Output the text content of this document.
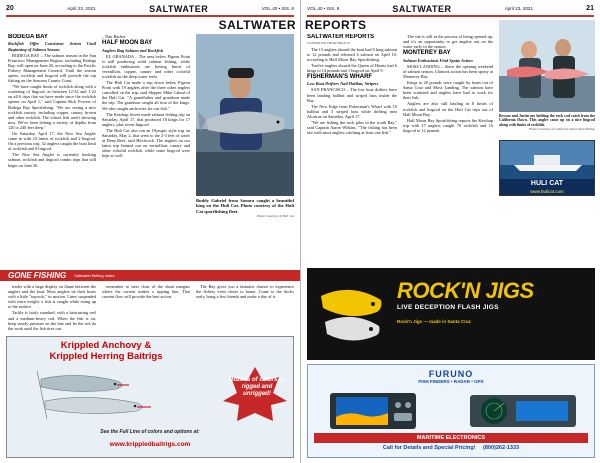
20	April 23, 2021	SALTWATER	VOL.40 • ISS. 8
SALTWATER
BODEGA BAY
Rockfish Offer Consistent Action Until Beginning of Salmon Season

BODEGA BAY – The salmon season in the San Francisco Management Region, including Bodega Bay, will open on June 26, according to the Pacific Fishery Management Council. Until the season opens, rockfish and lingcod will provide the top fishing on the Sonoma County Coast.

"We have caught limits of rockfish along with a scattering of lingcod, as between 12-32 and 1-22 on all 6 trips that we have made since the rockfish opener on April 1," said Captain Rick Powers of Bodega Bay Sportfishing. "We are seeing a nice rockfish variety, including copper, canary, brown and other rockfish. The school fish aren't showing now. We've been fishing a variety of depths from 120 to 240 feet deep."

On Saturday, April 17, the New Sea Angler came in with 23 limits of rockfish and 2 lingcod. On a previous trip, 32 anglers caught the boat limit of rockfish and 8 lingcod.

The New Sea Angler is currently booking salmon, rockfish and lingcod combo trips that will begin on June 26.

– Dan Bacher

HALF MOON BAY
Anglers Bag Salmon and Rockfish

EL GRANADA – The area below Pigeon Point is still producing solid salmon fishing, while rockfish enthusiasts are having limits of vermillion, copper, canary and other colorful rockfish on the deep water reefs.

The Huli Cat made a trip down below Pigeon Point with 19 anglers after the three other anglers cancelled on the trip, said Skipper Mike Cabral of the Huli Cat. "A grandfather and grandson made the trip. The grandson caught all four of the kings. We also caught anchovies for our fish."

The Ketchup Sweet made salmon fishing trip on Saturday, April 17, that produced 18 kings for 17 anglers, plus seven lingcod.

The Huli Cat also ran an Olympic style trip on Saturday, May 2, that went to the 2-3 feet of water at Deep Reef, said Hitchcock. The anglers on our latest trip limited out on vermillion, canary and other colorful rockfish, while some lingcod were kept as well.

Buddy Gabriel from Sonora caught a beautiful king on the Huli Cat. Photo courtesy of the Huli Cat sportfishing fleet.
Photo Courtesy of Huli Cat
GONE FISHING Saltwater fishing notes

trailer with a large display on flame between the anglers and the boat. Most anglers tie their boats with a little "toprock," in motion. Lines suspended with extra weight; a fish is caught while rising up to the surface.

Tackle is fairly standard, with a baitcasting reel and a medium-heavy rod. When the fish is on, keep steady pressure on the line and let the rod do the work until the fish tires out.

remember to steer clear of the shoal margins where the current makes a ripping line. That current flow will provide the best action.

The Bay gives you a fantastic chance to experience the fishery even closer to home. Come to the docks early, bring a few friends and make a day of it.

Krippled Anchovy &
Krippled Herring Baitrigs
Dozens of colors — rigged and unrigged!
See the Full Line of colors and options at:
www.krippledbaitrigs.com
VOL.40 • ISS. 8	SALTWATER	April 23, 2021	21
REPORTS
SALTWATER REPORTS
CONTINUED FROM PAGE 20

The 13 anglers aboard the boat had 6 king salmon to 12 pounds and released 4 salmon on April 10, according to Half Moon Bay Sportfishing.

Twelve anglers aboard the Queen of Hearts had 6 kings to 14 pounds and 1 lingcod on April 9.

FISHERMAN'S WHARF
Low Boat Drifters Nail Halibut, Stripers

SAN FRANCISCO – The low boat drifters have been landing halibut and striped bass inside the Bay.

The New Edge from Fisherman's Wharf with 10 halibut and 5 striped bass while drifting near Alcatraz on Saturday, April 17.

"We are fishing the rock piles in the south Bay," said Captain Aaron Wilkins. "The fishing has been fair with most anglers catching at least one fish."

The site is still in the process of being opened up, and it's an opportunity to get anglers out on the water early in the season.

MONTEREY BAY
Salmon Enthusiasts Find Spotty Action

MOSS LANDING – Since the opening weekend of salmon season, Chinook action has been spotty at Monterey Bay.

Kings to 20 pounds were caught by boats out of Santa Cruz and Moss Landing. The salmon have been scattered and anglers have had to work for their fish.

Anglers are also still hauling in 8 limits of rockfish and lingcod on the Huli Cat trips out of Half Moon Bay.

Half Moon Bay Sportfishing reports the Ketchup trip with 17 anglers caught 70 rockfish and 16 lingcod to 12 pounds.

Bryson and Justin are holding the rock cod catch from the California Dawn. This angler came up on a nice lingcod along with limits of rockfish.
Photo Courtesy of California Dawn Sportfishing
HULI CAT
www.hulicat.com
ROCK'N JIGS
LIVE DECEPTION FLASH JIGS
Rock'n Jigs — made in Santa Cruz
FURUNO
FISH FINDERS • RADAR • GPS
MARITIME ELECTRONICS
Call for Details and Special Pricing! (800)262-1333
